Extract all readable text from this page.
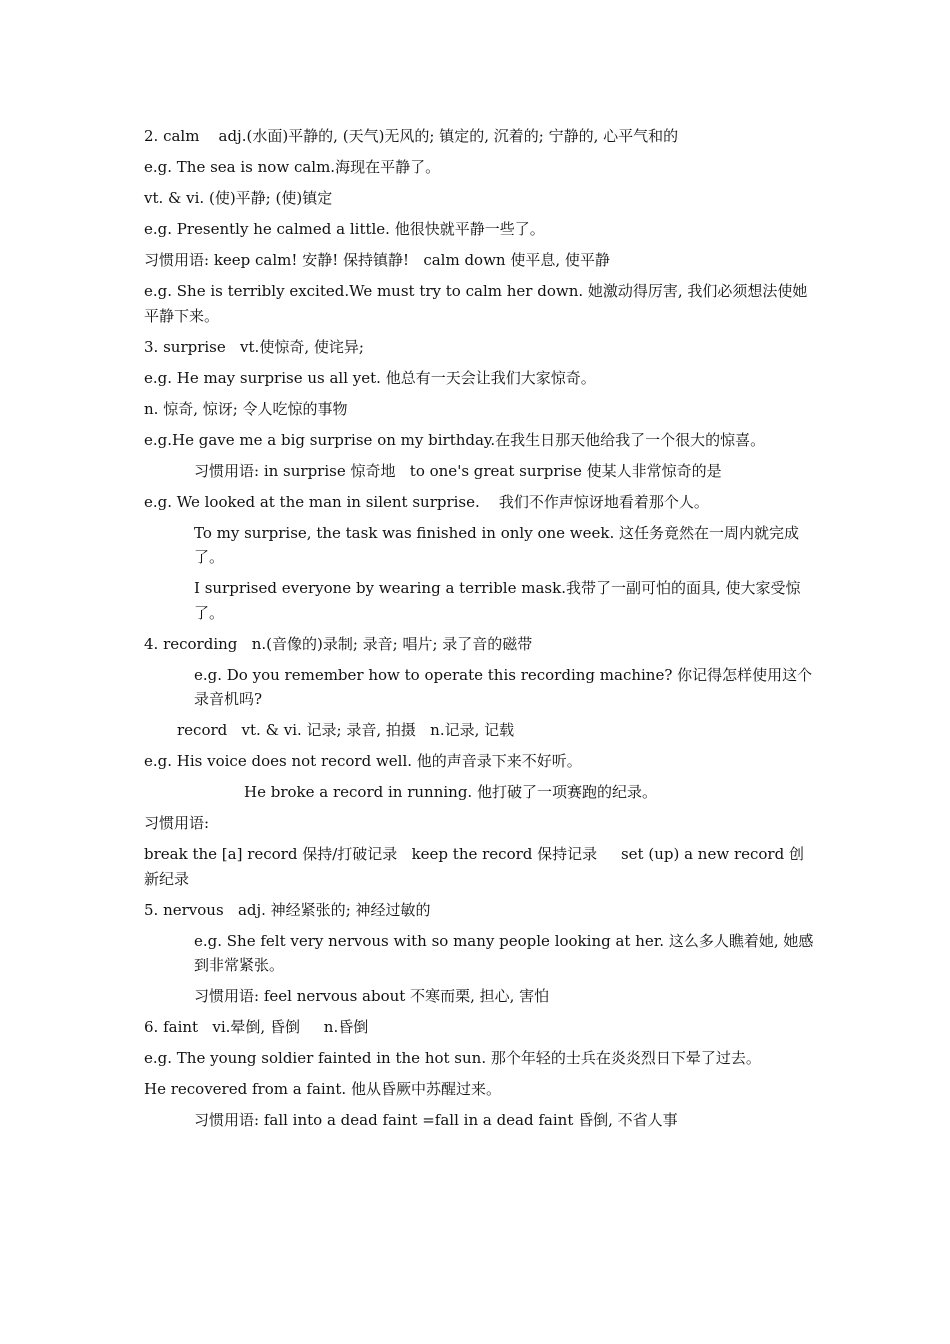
2. calm    adj.(水面)平静的, (天气)无风的; 镇定的, 沉着的; 宁静的, 心平气和的
e.g. The sea is now calm.海现在平静了。
vt. & vi. (使)平静; (使)镇定
e.g. Presently he calmed a little. 他很快就平静一些了。
习惯用语: keep calm! 安静! 保持镇静!   calm down 使平息, 使平静
e.g. She is terribly excited.We must try to calm her down. 她激动得厉害, 我们必须想法使她平静下来。
3. surprise   vt.使惊奇, 使诧异;
e.g. He may surprise us all yet. 他总有一天会让我们大家惊奇。
n. 惊奇, 惊讶; 令人吃惊的事物
e.g.He gave me a big surprise on my birthday.在我生日那天他给我了一个很大的惊喜。
习惯用语: in surprise 惊奇地   to one's great surprise 使某人非常惊奇的是
e.g. We looked at the man in silent surprise.    我们不作声惊讶地看着那个人。
To my surprise, the task was finished in only one week. 这任务竟然在一周内就完成了。
I surprised everyone by wearing a terrible mask.我带了一副可怕的面具, 使大家受惊了。
4. recording   n.(音像的)录制; 录音; 唱片; 录了音的磁带
e.g. Do you remember how to operate this recording machine? 你记得怎样使用这个录音机吗?
record   vt. & vi. 记录; 录音, 拍摄   n.记录, 记载
e.g. His voice does not record well. 他的声音录下来不好听。
He broke a record in running. 他打破了一项赛跑的纪录。
习惯用语:
break the [a] record 保持/打破记录   keep the record 保持记录     set (up) a new record 创新纪录
5. nervous   adj. 神经紧张的; 神经过敏的
e.g. She felt very nervous with so many people looking at her. 这么多人瞧着她, 她感到非常紧张。
习惯用语: feel nervous about 不寒而栗, 担心, 害怕
6. faint   vi.晕倒, 昏倒     n.昏倒
e.g. The young soldier fainted in the hot sun. 那个年轻的士兵在炎炎烈日下晕了过去。
He recovered from a faint. 他从昏厥中苏醒过来。
习惯用语: fall into a dead faint =fall in a dead faint 昏倒, 不省人事
